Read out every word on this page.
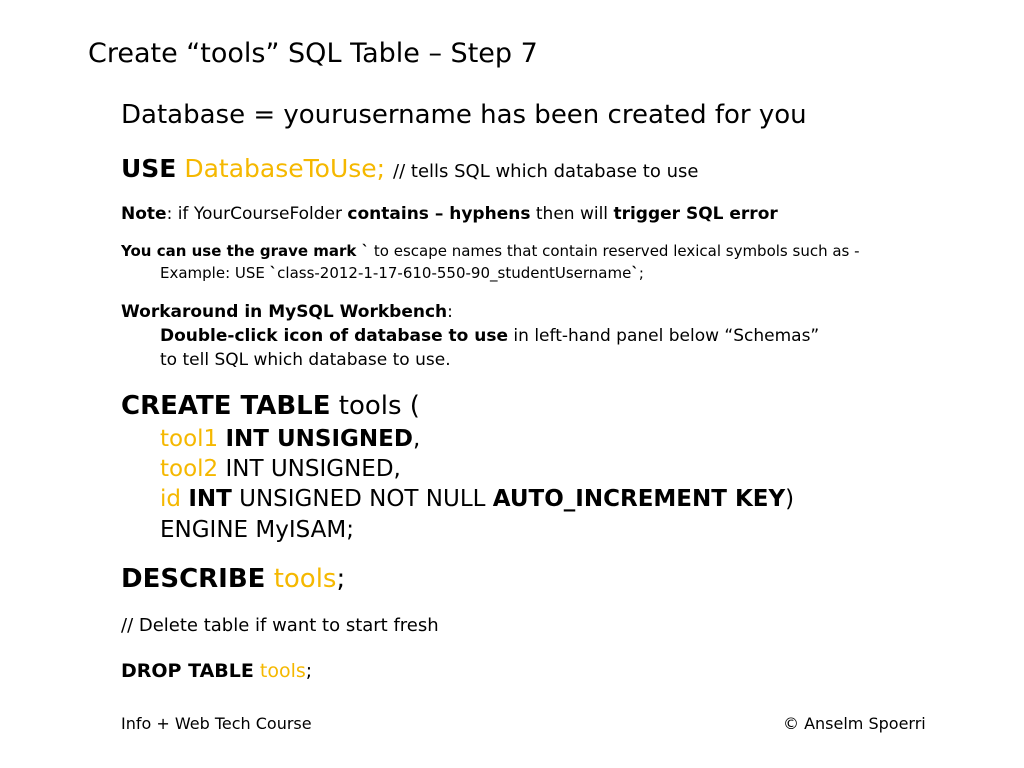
Create “tools” SQL Table – Step 7
Database = yourusername has been created for you
USE DatabaseToUse; // tells SQL which database to use
Note: if YourCourseFolder contains – hyphens then will trigger SQL error
You can use the grave mark ` to escape names that contain reserved lexical symbols such as -
Example: USE `class-2012-1-17-610-550-90_studentUsername`;
Workaround in MySQL Workbench:
Double-click icon of database to use in left-hand panel below “Schemas”
to tell SQL which database to use.
CREATE TABLE tools (
tool1 INT UNSIGNED,
tool2 INT UNSIGNED,
id INT UNSIGNED NOT NULL AUTO_INCREMENT KEY)
ENGINE MyISAM;
DESCRIBE tools;
// Delete table if want to start fresh
DROP TABLE tools;
Info + Web Tech Course	© Anselm Spoerri
